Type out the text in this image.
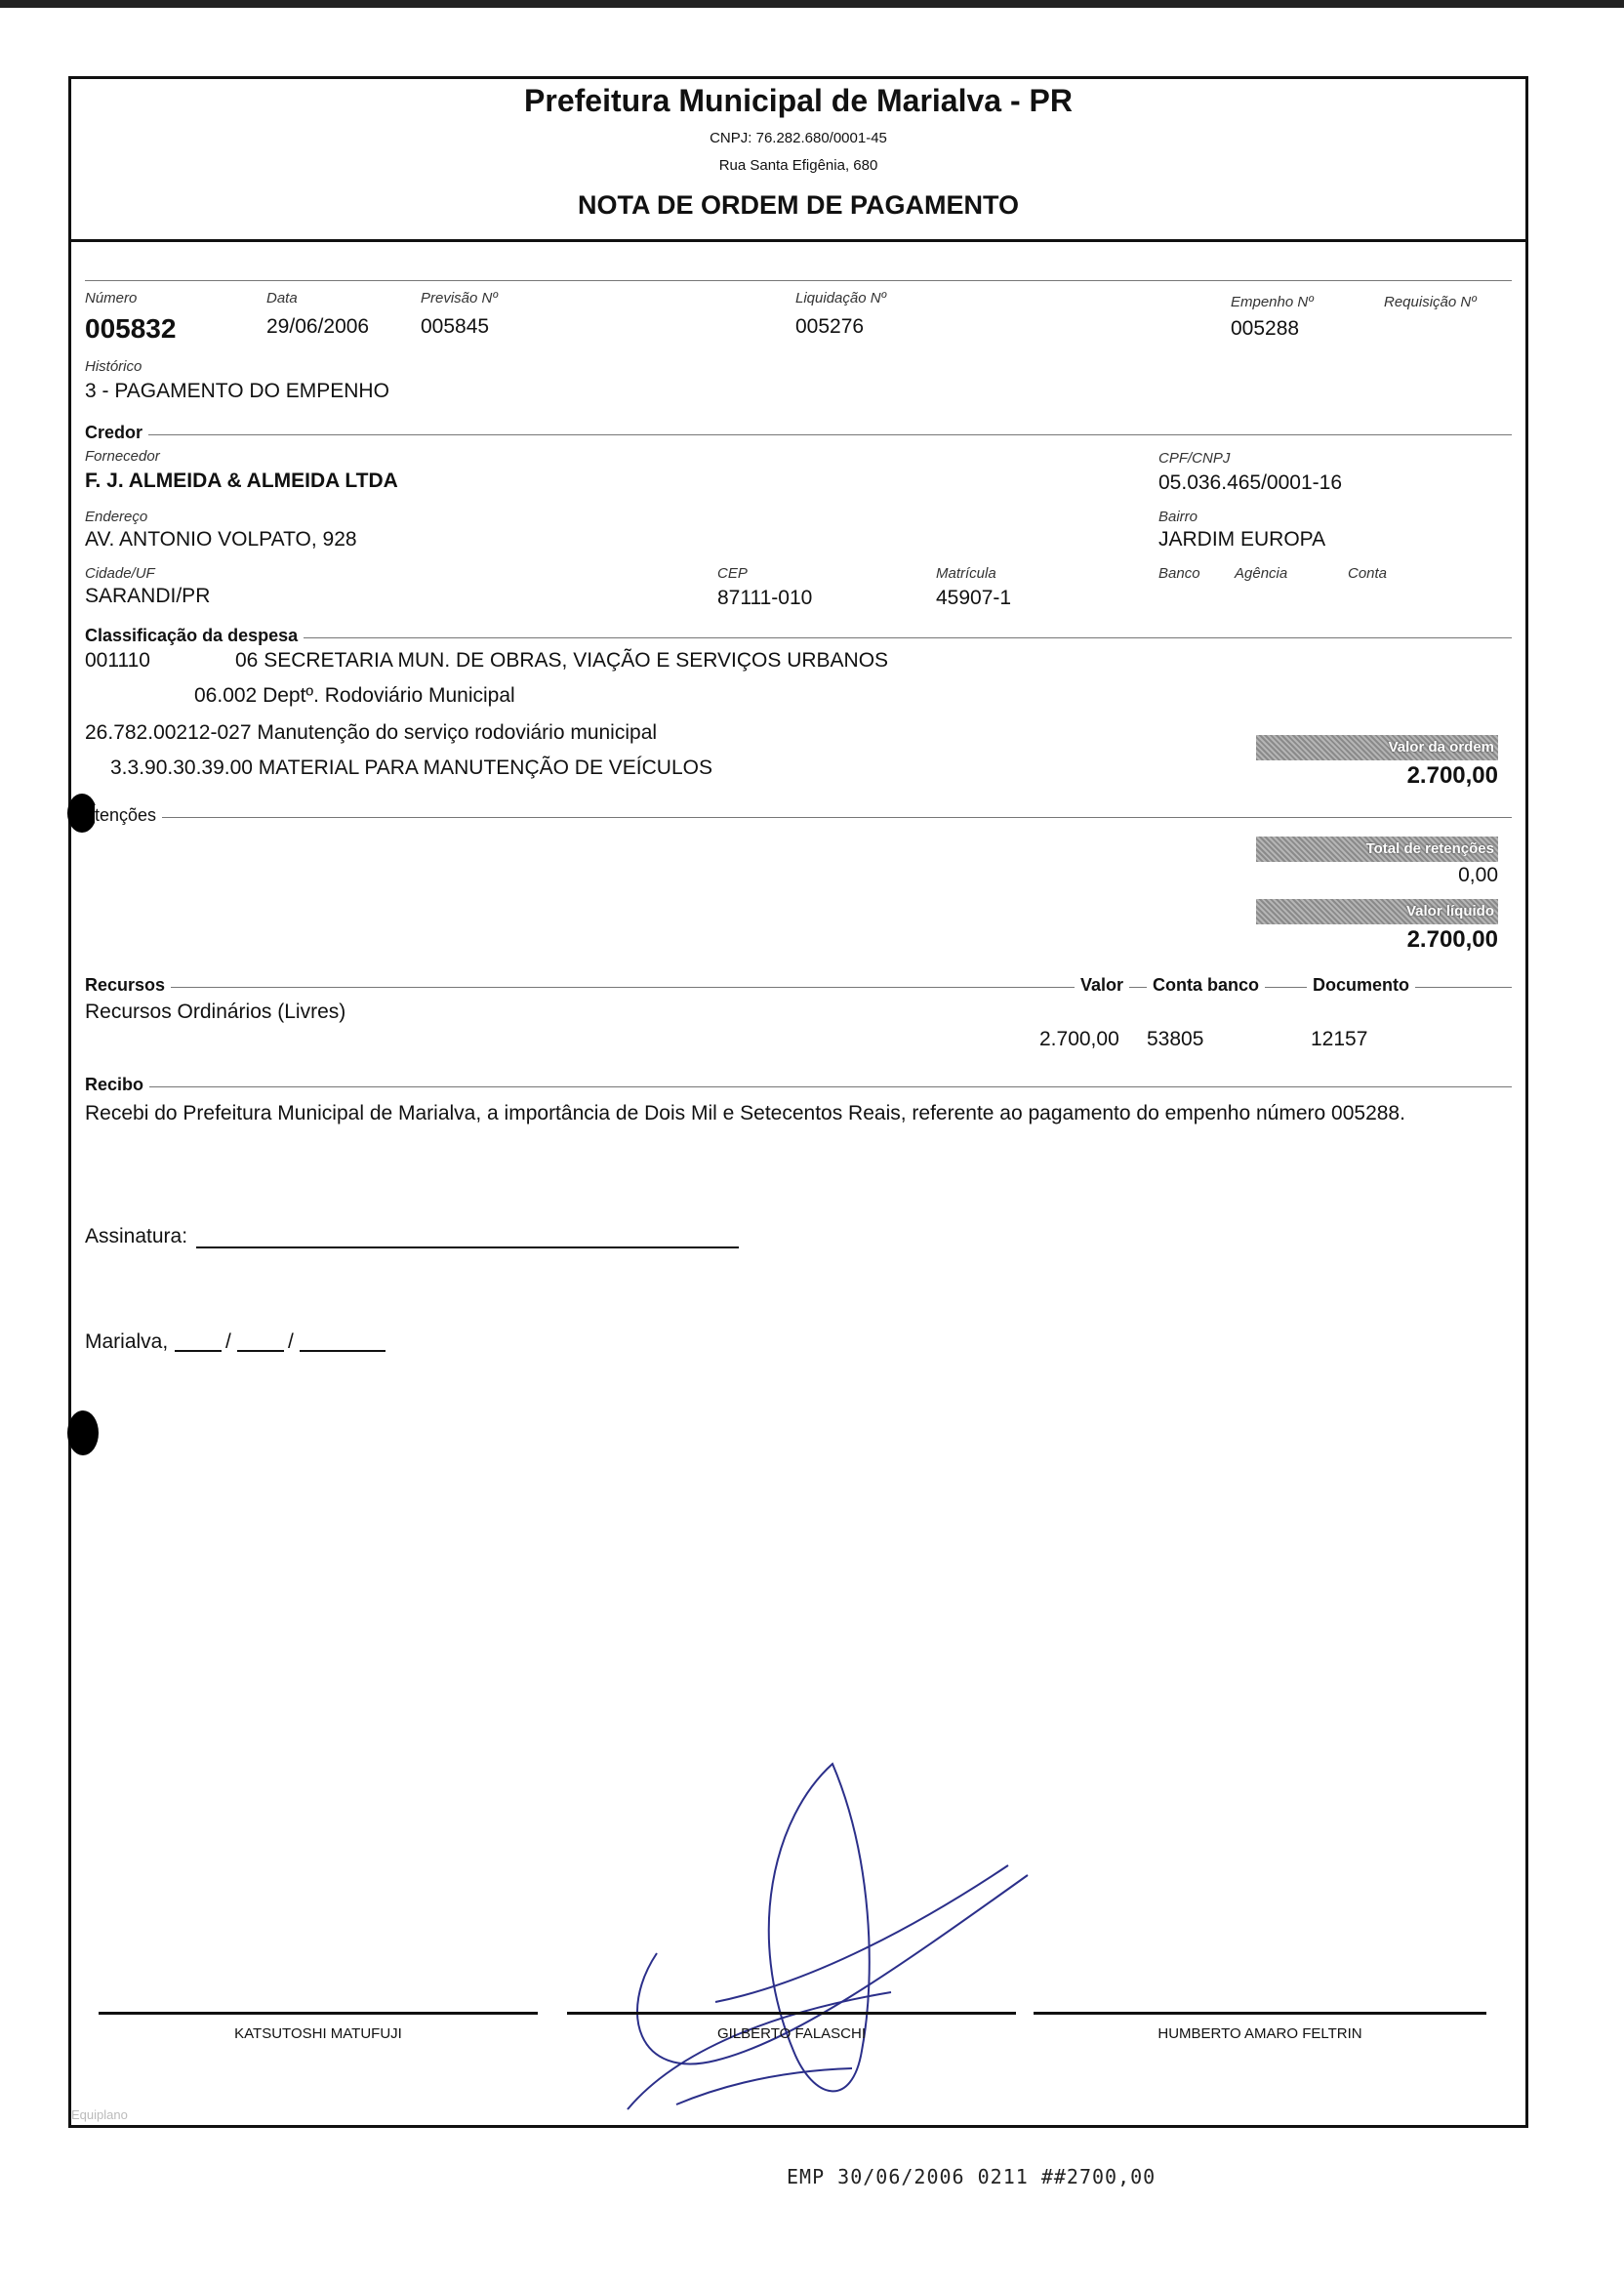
Prefeitura Municipal de Marialva - PR
CNPJ: 76.282.680/0001-45
Rua Santa Efigênia, 680
NOTA DE ORDEM DE PAGAMENTO
Número
005832
Data
29/06/2006
Previsão Nº
005845
Liquidação Nº
005276
Empenho Nº
005288
Requisição Nº
Histórico
3 - PAGAMENTO DO EMPENHO
Credor
Fornecedor
F. J. ALMEIDA & ALMEIDA LTDA
CPF/CNPJ
05.036.465/0001-16
Endereço
AV. ANTONIO VOLPATO, 928
Bairro
JARDIM EUROPA
Cidade/UF
SARANDI/PR
CEP
87111-010
Matrícula
45907-1
Banco Agência	Conta
Classificação da despesa
001110	06 SECRETARIA MUN. DE OBRAS, VIAÇÃO E SERVIÇOS URBANOS
06.002 Deptº. Rodoviário Municipal
26.782.00212-027 Manutenção do serviço rodoviário municipal
3.3.90.30.39.00 MATERIAL PARA MANUTENÇÃO DE VEÍCULOS
Valor da ordem
2.700,00
tenções
Total de retenções
0,00
Valor líquido
2.700,00
Recursos	Valor	Conta banco	Documento
Recursos Ordinários (Livres)
2.700,00 53805	12157
Recibo
Recebi do Prefeitura Municipal de Marialva, a importância de Dois Mil e Setecentos Reais, referente ao pagamento do empenho número 005288.
Assinatura:
Marialva,	/	/
KATSUTOSHI MATUFUJI	GILBERTO FALASCHI	HUMBERTO AMARO FELTRIN
Equiplano
EMP 30/06/2006 0211 ##2700,00
